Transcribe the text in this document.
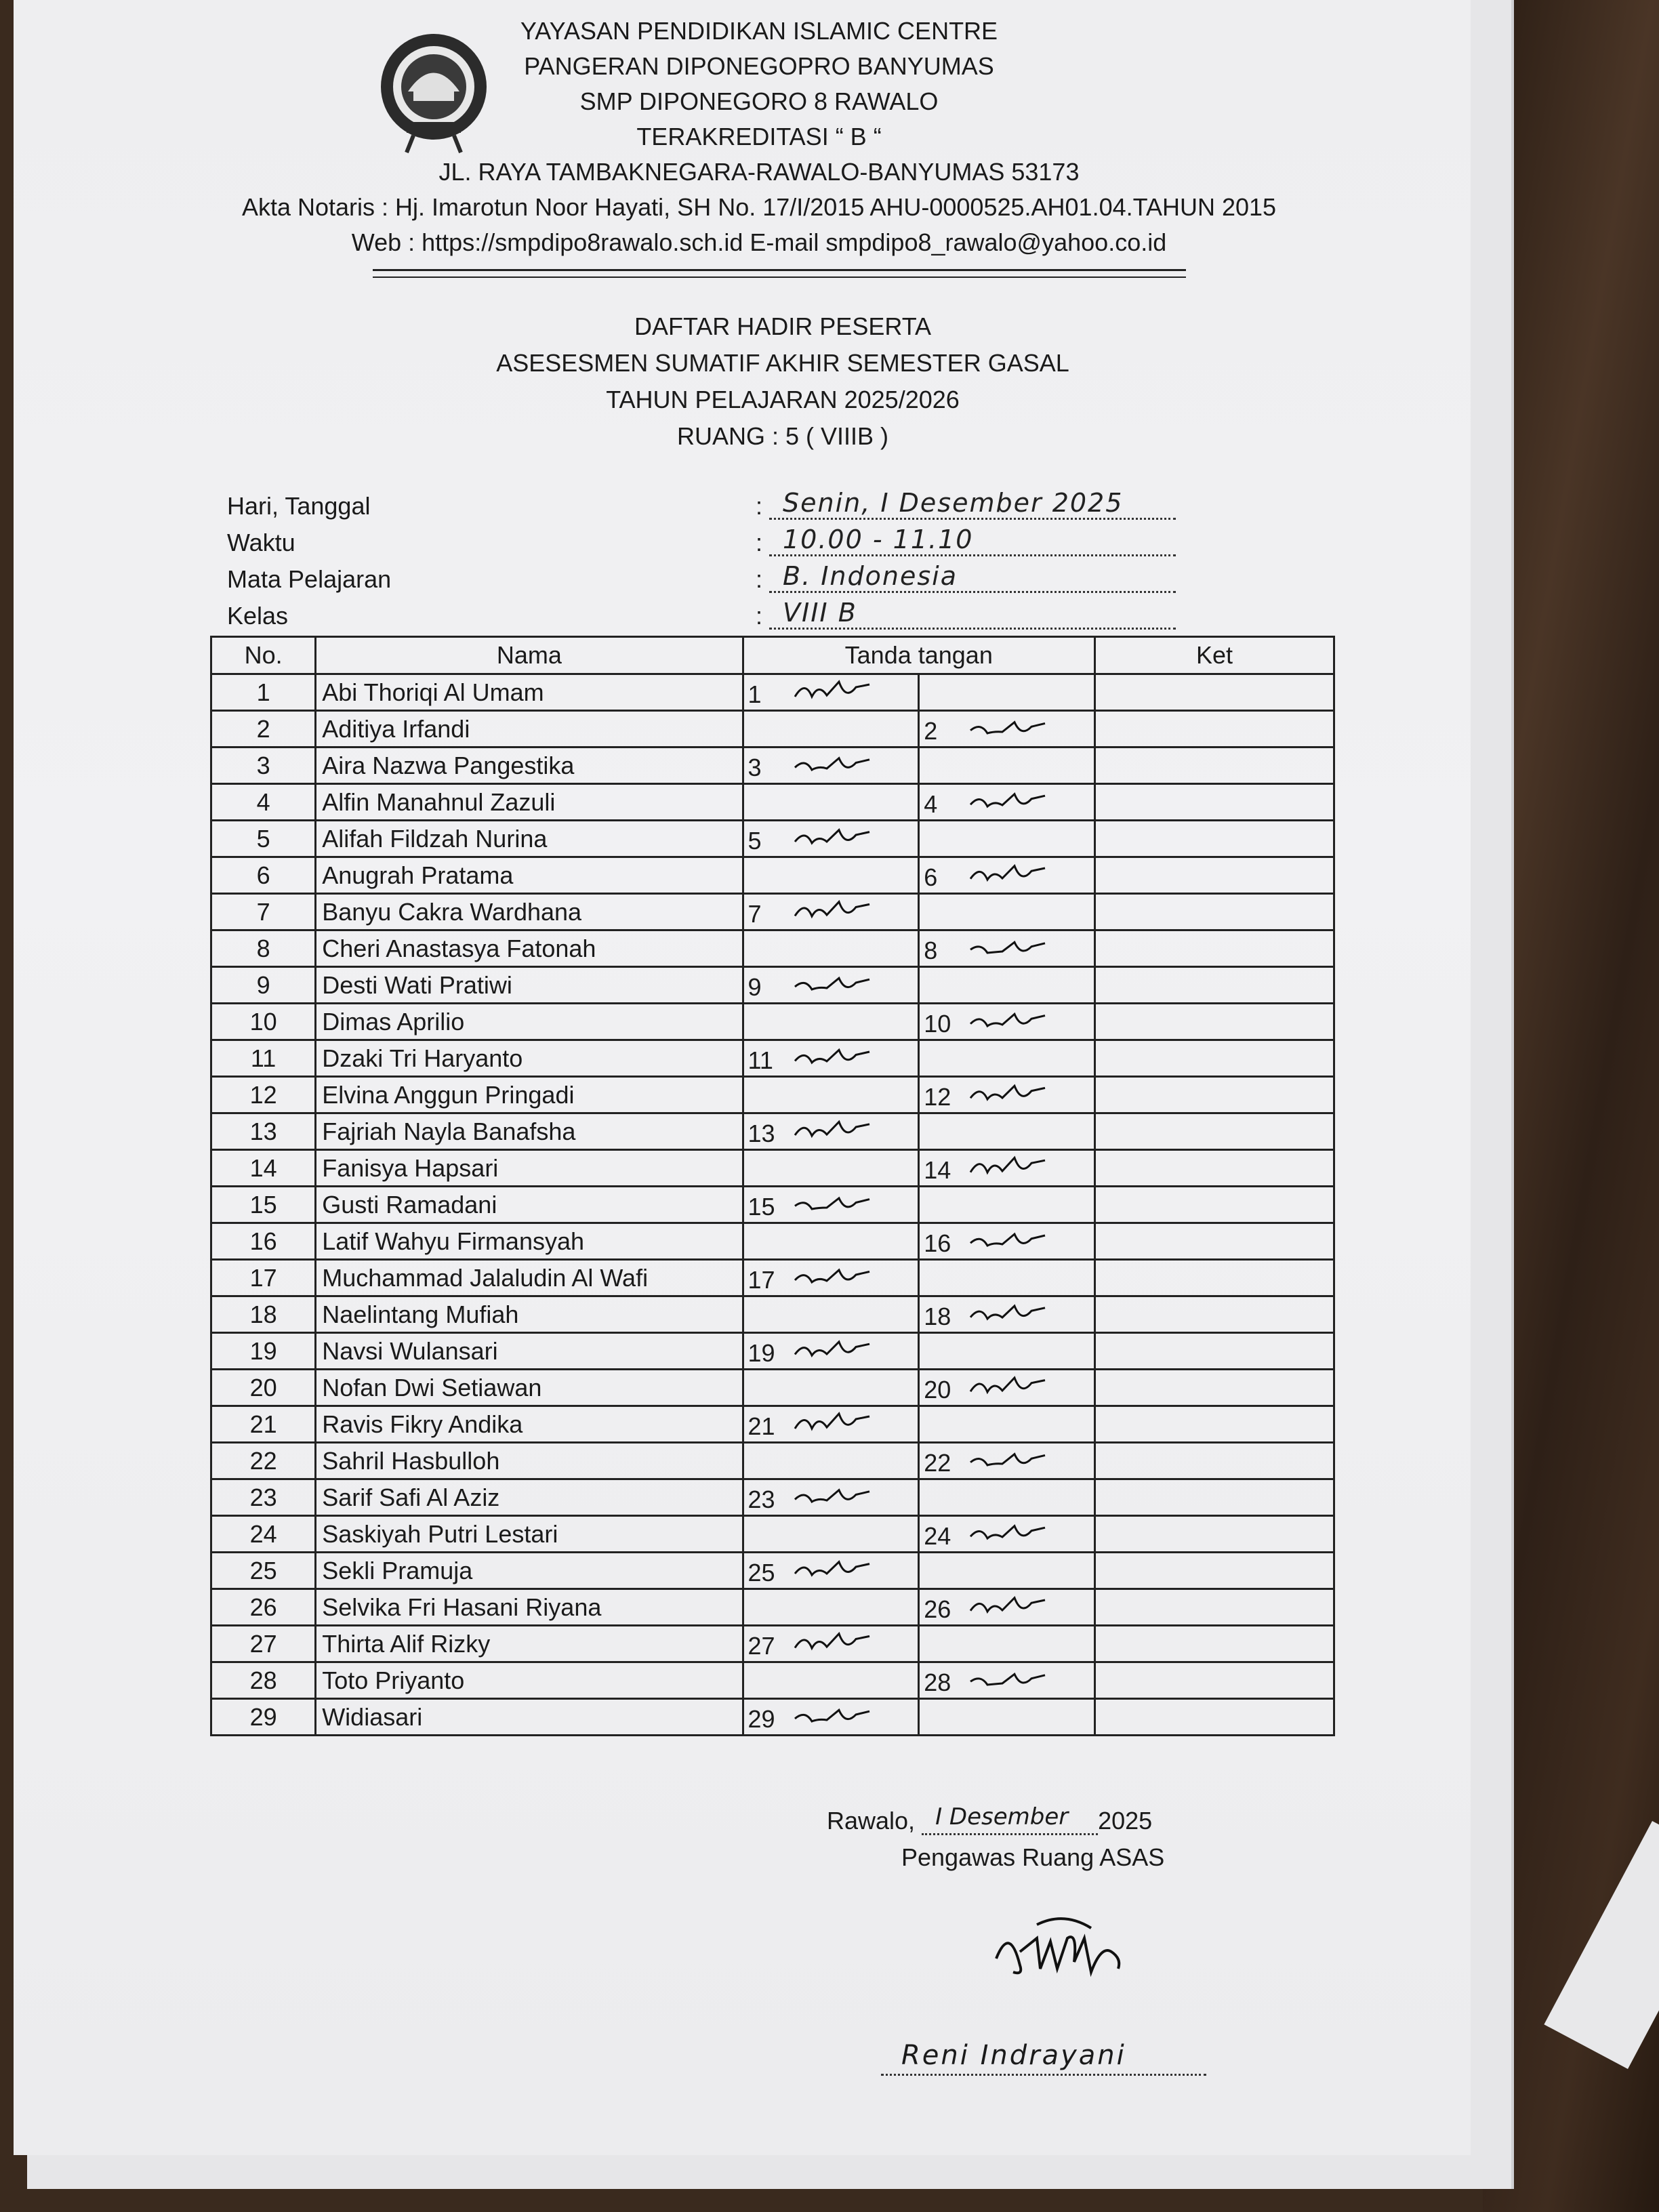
YAYASAN PENDIDIKAN ISLAMIC CENTRE
PANGERAN DIPONEGOPRO BANYUMAS
SMP DIPONEGORO 8 RAWALO
TERAKREDITASI “ B “
JL. RAYA TAMBAKNEGARA-RAWALO-BANYUMAS 53173
Akta Notaris : Hj. Imarotun Noor Hayati, SH No. 17/I/2015 AHU-0000525.AH01.04.TAHUN 2015
Web : https://smpdipo8rawalo.sch.id E-mail smpdipo8_rawalo@yahoo.co.id
DAFTAR HADIR PESERTA
ASESESMEN SUMATIF AKHIR SEMESTER GASAL
TAHUN PELAJARAN 2025/2026
RUANG : 5 ( VIIIB )
Hari, Tanggal	: Senin, I Desember 2025
Waktu	: 10.00 - 11.10
Mata Pelajaran	: B. Indonesia
Kelas	: VIII B
No.	Nama	Tanda tangan		Ket
1	Abi Thoriqi Al Umam	1		

2	Aditiya Irfandi		2	

3	Aira Nazwa Pangestika	3		

4	Alfin Manahnul Zazuli		4	

5	Alifah Fildzah Nurina	5		

6	Anugrah Pratama		6	

7	Banyu Cakra Wardhana	7		

8	Cheri Anastasya Fatonah		8	

9	Desti Wati Pratiwi	9		

10	Dimas Aprilio		10	

11	Dzaki Tri Haryanto	11		

12	Elvina Anggun Pringadi		12	

13	Fajriah Nayla Banafsha	13		

14	Fanisya Hapsari		14	

15	Gusti Ramadani	15		

16	Latif Wahyu Firmansyah		16	

17	Muchammad Jalaludin Al Wafi	17		

18	Naelintang Mufiah		18	

19	Navsi Wulansari	19		

20	Nofan Dwi Setiawan		20	

21	Ravis Fikry Andika	21		

22	Sahril Hasbulloh		22	

23	Sarif Safi Al Aziz	23		

24	Saskiyah Putri Lestari		24	

25	Sekli Pramuja	25		

26	Selvika Fri Hasani Riyana		26	

27	Thirta Alif Rizky	27		

28	Toto Priyanto		28	

29	Widiasari	29		

Rawalo, I Desember 2025
Pengawas Ruang ASAS
Reni Indrayani
